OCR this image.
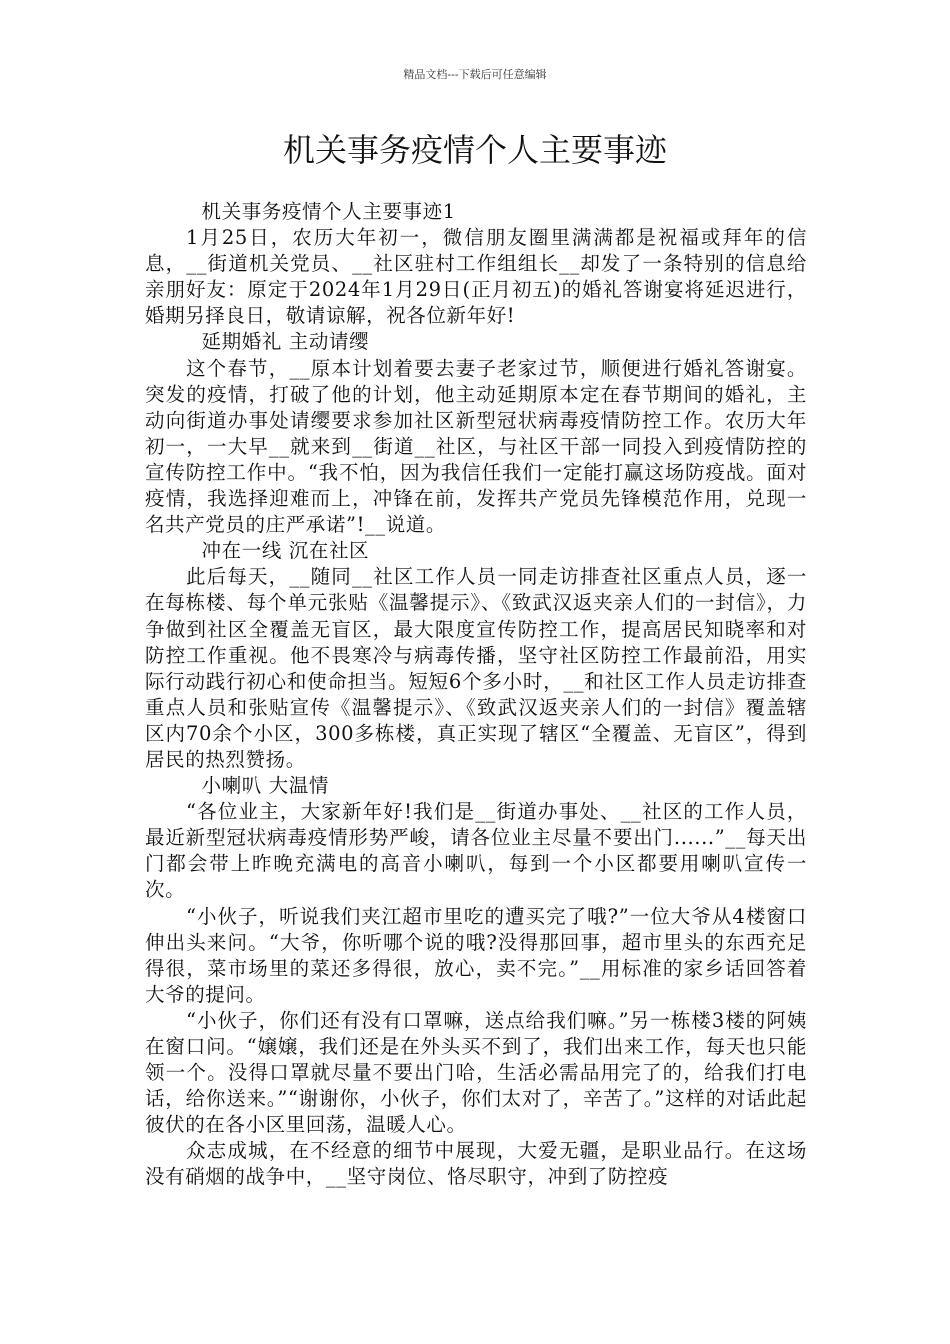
精品文档---下载后可任意编辑
机关事务疫情个人主要事迹

机关事务疫情个人主要事迹1

1月25日，农历大年初一，微信朋友圈里满满都是祝福或拜年的信息，__街道机关党员、__社区驻村工作组组长__却发了一条特别的信息给亲朋好友：原定于2024年1月29日(正月初五)的婚礼答谢宴将延迟进行，婚期另择良日，敬请谅解，祝各位新年好!

延期婚礼 主动请缨

这个春节，__原本计划着要去妻子老家过节，顺便进行婚礼答谢宴。突发的疫情，打破了他的计划，他主动延期原本定在春节期间的婚礼，主动向街道办事处请缨要求参加社区新型冠状病毒疫情防控工作。农历大年初一，一大早__就来到__街道__社区，与社区干部一同投入到疫情防控的宣传防控工作中。“我不怕，因为我信任我们一定能打赢这场防疫战。面对疫情，我选择迎难而上，冲锋在前，发挥共产党员先锋模范作用，兑现一名共产党员的庄严承诺”!__说道。

冲在一线 沉在社区

此后每天，__随同__社区工作人员一同走访排查社区重点人员，逐一在每栋楼、每个单元张贴《温馨提示》、《致武汉返夹亲人们的一封信》，力争做到社区全覆盖无盲区，最大限度宣传防控工作，提高居民知晓率和对防控工作重视。他不畏寒冷与病毒传播，坚守社区防控工作最前沿，用实际行动践行初心和使命担当。短短6个多小时，__和社区工作人员走访排查重点人员和张贴宣传《温馨提示》、《致武汉返夹亲人们的一封信》覆盖辖区内70余个小区，300多栋楼，真正实现了辖区“全覆盖、无盲区”，得到居民的热烈赞扬。

小喇叭 大温情

“各位业主，大家新年好!我们是__街道办事处、__社区的工作人员，最近新型冠状病毒疫情形势严峻，请各位业主尽量不要出门......”__每天出门都会带上昨晚充满电的高音小喇叭，每到一个小区都要用喇叭宣传一次。

“小伙子，听说我们夹江超市里吃的遭买完了哦?”一位大爷从4楼窗口伸出头来问。“大爷，你听哪个说的哦?没得那回事，超市里头的东西充足得很，菜市场里的菜还多得很，放心，卖不完。”__用标准的家乡话回答着大爷的提问。

“小伙子，你们还有没有口罩嘛，送点给我们嘛。”另一栋楼3楼的阿姨在窗口问。“嬢嬢，我们还是在外头买不到了，我们出来工作，每天也只能领一个。没得口罩就尽量不要出门哈，生活必需品用完了的，给我们打电话，给你送来。”“谢谢你，小伙子，你们太对了，辛苦了。”这样的对话此起彼伏的在各小区里回荡，温暖人心。

众志成城，在不经意的细节中展现，大爱无疆，是职业品行。在这场没有硝烟的战争中，__坚守岗位、恪尽职守，冲到了防控疫
